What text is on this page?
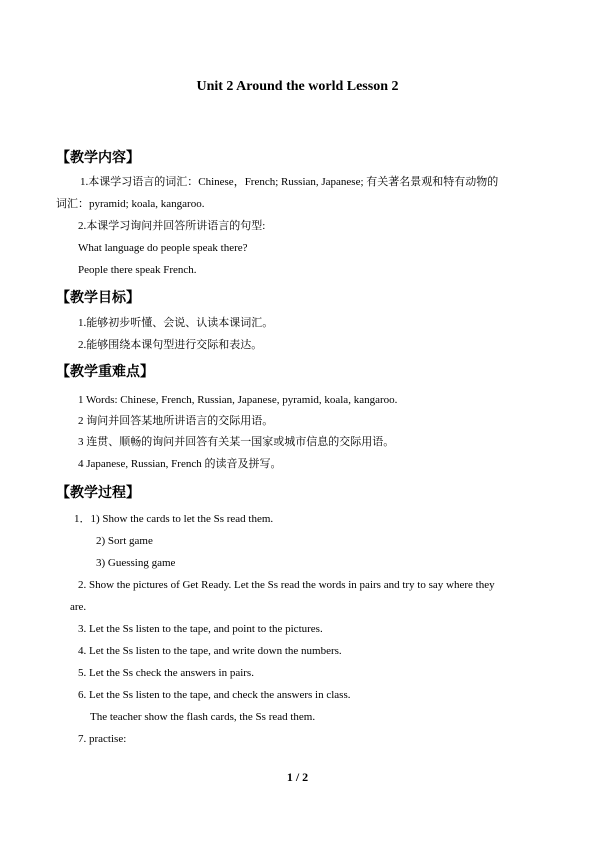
Unit 2 Around the world Lesson 2
【教学内容】
1.本课学习语言的词汇：Chinese，French; Russian, Japanese; 有关著名景观和特有动物的
词汇：pyramid; koala, kangaroo.
2.本课学习询问并回答所讲语言的句型:
What language do people speak there?
People there speak French.
【教学目标】
1.能够初步听懂、会说、认读本课词汇。
2.能够围绕本课句型进行交际和表达。
【教学重难点】
1 Words: Chinese, French, Russian, Japanese, pyramid, koala, kangaroo.
2 询问并回答某地所讲语言的交际用语。
3 连贯、顺畅的询问并回答有关某一国家或城市信息的交际用语。
4 Japanese, Russian, French 的读音及拼写。
【教学过程】
1．1) Show the cards to let the Ss read them.
2) Sort game
3) Guessing game
2. Show the pictures of Get Ready. Let the Ss read the words in pairs and try to say where they
are.
3. Let the Ss listen to the tape, and point to the pictures.
4. Let the Ss listen to the tape, and write down the numbers.
5. Let the Ss check the answers in pairs.
6. Let the Ss listen to the tape, and check the answers in class.
The teacher show the flash cards, the Ss read them.
7. practise:
1 / 2
